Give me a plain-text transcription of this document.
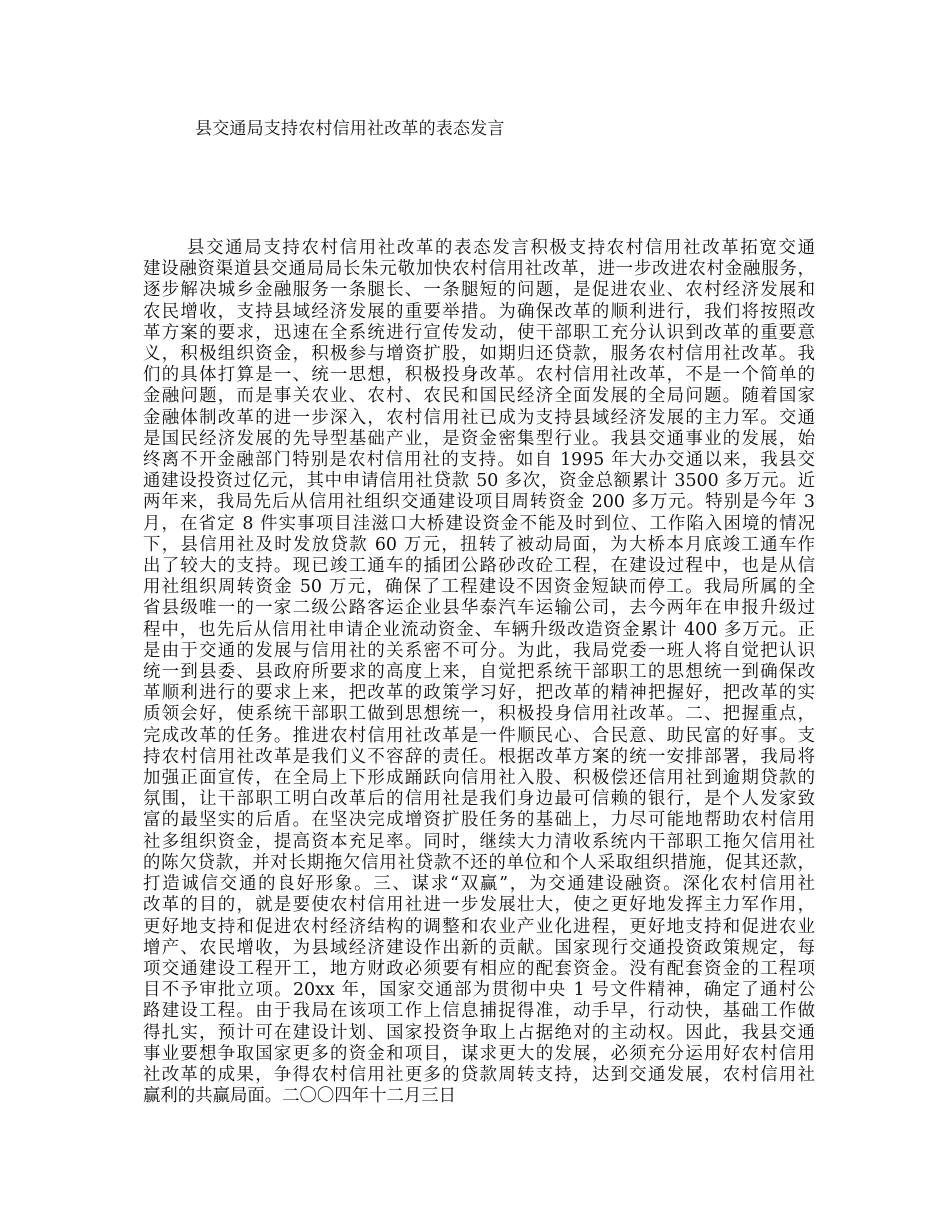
县交通局支持农村信用社改革的表态发言
县交通局支持农村信用社改革的表态发言积极支持农村信用社改革拓宽交通
建设融资渠道县交通局局长朱元敬加快农村信用社改革，进一步改进农村金融服务，
逐步解决城乡金融服务一条腿长、一条腿短的问题，是促进农业、农村经济发展和
农民增收，支持县域经济发展的重要举措。为确保改革的顺利进行，我们将按照改
革方案的要求，迅速在全系统进行宣传发动，使干部职工充分认识到改革的重要意
义，积极组织资金，积极参与增资扩股，如期归还贷款，服务农村信用社改革。我
们的具体打算是一、统一思想，积极投身改革。农村信用社改革，不是一个简单的
金融问题，而是事关农业、农村、农民和国民经济全面发展的全局问题。随着国家
金融体制改革的进一步深入，农村信用社已成为支持县域经济发展的主力军。交通
是国民经济发展的先导型基础产业，是资金密集型行业。我县交通事业的发展，始
终离不开金融部门特别是农村信用社的支持。如自 1995 年大办交通以来，我县交
通建设投资过亿元，其中申请信用社贷款 50 多次，资金总额累计 3500 多万元。近
两年来，我局先后从信用社组织交通建设项目周转资金 200 多万元。特别是今年 3
月，在省定 8 件实事项目洼滋口大桥建设资金不能及时到位、工作陷入困境的情况
下，县信用社及时发放贷款 60 万元，扭转了被动局面，为大桥本月底竣工通车作
出了较大的支持。现已竣工通车的插团公路砂改砼工程，在建设过程中，也是从信
用社组织周转资金 50 万元，确保了工程建设不因资金短缺而停工。我局所属的全
省县级唯一的一家二级公路客运企业县华泰汽车运输公司，去今两年在申报升级过
程中，也先后从信用社申请企业流动资金、车辆升级改造资金累计 400 多万元。正
是由于交通的发展与信用社的关系密不可分。为此，我局党委一班人将自觉把认识
统一到县委、县政府所要求的高度上来，自觉把系统干部职工的思想统一到确保改
革顺利进行的要求上来，把改革的政策学习好，把改革的精神把握好，把改革的实
质领会好，使系统干部职工做到思想统一，积极投身信用社改革。二、把握重点，
完成改革的任务。推进农村信用社改革是一件顺民心、合民意、助民富的好事。支
持农村信用社改革是我们义不容辞的责任。根据改革方案的统一安排部署，我局将
加强正面宣传，在全局上下形成踊跃向信用社入股、积极偿还信用社到逾期贷款的
氛围，让干部职工明白改革后的信用社是我们身边最可信赖的银行，是个人发家致
富的最坚实的后盾。在坚决完成增资扩股任务的基础上，力尽可能地帮助农村信用
社多组织资金，提高资本充足率。同时，继续大力清收系统内干部职工拖欠信用社
的陈欠贷款，并对长期拖欠信用社贷款不还的单位和个人采取组织措施，促其还款，
打造诚信交通的良好形象。三、谋求“双赢”，为交通建设融资。深化农村信用社
改革的目的，就是要使农村信用社进一步发展壮大，使之更好地发挥主力军作用，
更好地支持和促进农村经济结构的调整和农业产业化进程，更好地支持和促进农业
增产、农民增收，为县域经济建设作出新的贡献。国家现行交通投资政策规定，每
项交通建设工程开工，地方财政必须要有相应的配套资金。没有配套资金的工程项
目不予审批立项。20xx 年，国家交通部为贯彻中央 1 号文件精神，确定了通村公
路建设工程。由于我局在该项工作上信息捕捉得准，动手早，行动快，基础工作做
得扎实，预计可在建设计划、国家投资争取上占据绝对的主动权。因此，我县交通
事业要想争取国家更多的资金和项目，谋求更大的发展，必须充分运用好农村信用
社改革的成果，争得农村信用社更多的贷款周转支持，达到交通发展，农村信用社
赢利的共赢局面。二〇〇四年十二月三日
